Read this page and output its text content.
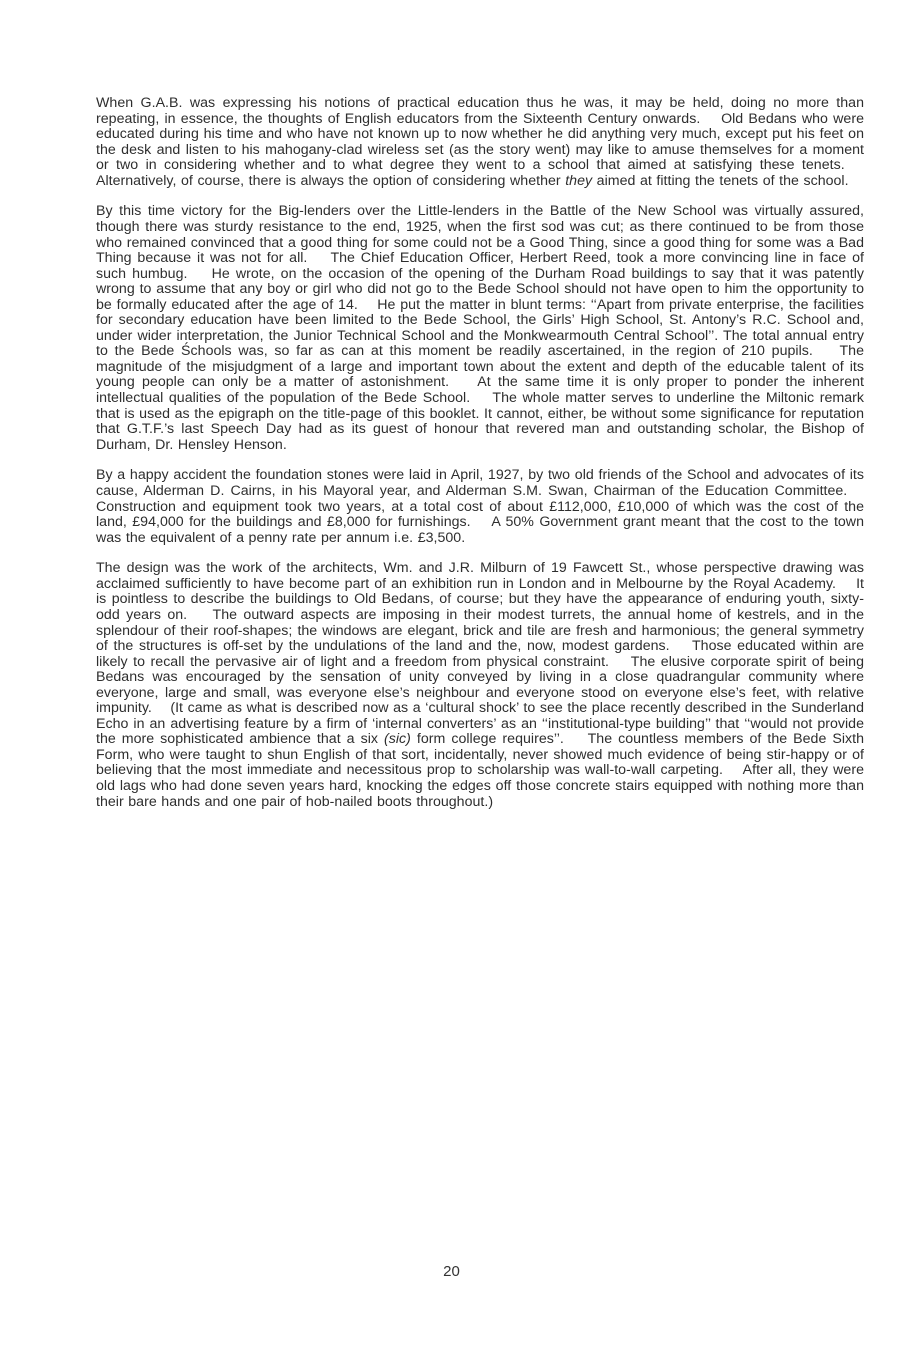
When G.A.B. was expressing his notions of practical education thus he was, it may be held, doing no more than repeating, in essence, the thoughts of English educators from the Sixteenth Century onwards.    Old Bedans who were educated during his time and who have not known up to now whether he did anything very much, except put his feet on the desk and listen to his mahogany-clad wireless set (as the story went) may like to amuse themselves for a moment or two in considering whether and to what degree they went to a school that aimed at satisfying these tenets.    Alternatively, of course, there is always the option of considering whether they aimed at fitting the tenets of the school.

By this time victory for the Big-lenders over the Little-lenders in the Battle of the New School was virtually assured, though there was sturdy resistance to the end, 1925, when the first sod was cut; as there continued to be from those who remained convinced that a good thing for some could not be a Good Thing, since a good thing for some was a Bad Thing because it was not for all.    The Chief Education Officer, Herbert Reed, took a more convincing line in face of such humbug.    He wrote, on the occasion of the opening of the Durham Road buildings to say that it was patently wrong to assume that any boy or girl who did not go to the Bede School should not have open to him the opportunity to be formally educated after the age of 14.    He put the matter in blunt terms: ‘‘Apart from private enterprise, the facilities for secondary education have been limited to the Bede School, the Girls’ High School, St. Antony’s R.C. School and, under wider interpretation, the Junior Technical School and the Monkwearmouth Central School’’. The total annual entry to the Bede Śchools was, so far as can at this moment be readily ascertained, in the region of 210 pupils.    The magnitude of the misjudgment of a large and important town about the extent and depth of the educable talent of its young people can only be a matter of astonishment.    At the same time it is only proper to ponder the inherent intellectual qualities of the population of the Bede School.    The whole matter serves to underline the Miltonic remark that is used as the epigraph on the title-page of this booklet. It cannot, either, be without some significance for reputation that G.T.F.’s last Speech Day had as its guest of honour that revered man and outstanding scholar, the Bishop of Durham, Dr. Hensley Henson.

By a happy accident the foundation stones were laid in April, 1927, by two old friends of the School and advocates of its cause, Alderman D. Cairns, in his Mayoral year, and Alderman S.M. Swan, Chairman of the Education Committee.    Construction and equipment took two years, at a total cost of about £112,000, £10,000 of which was the cost of the land, £94,000 for the buildings and £8,000 for furnishings.    A 50% Government grant meant that the cost to the town was the equivalent of a penny rate per annum i.e. £3,500.

The design was the work of the architects, Wm. and J.R. Milburn of 19 Fawcett St., whose perspective drawing was acclaimed sufficiently to have become part of an exhibition run in London and in Melbourne by the Royal Academy.    It is pointless to describe the buildings to Old Bedans, of course; but they have the appearance of enduring youth, sixty-odd years on.    The outward aspects are imposing in their modest turrets, the annual home of kestrels, and in the splendour of their roof-shapes; the windows are elegant, brick and tile are fresh and harmonious; the general symmetry of the structures is off-set by the undulations of the land and the, now, modest gardens.    Those educated within are likely to recall the pervasive air of light and a freedom from physical constraint.    The elusive corporate spirit of being Bedans was encouraged by the sensation of unity conveyed by living in a close quadrangular community where everyone, large and small, was everyone else’s neighbour and everyone stood on everyone else’s feet, with relative impunity.    (It came as what is described now as a ‘cultural shock’ to see the place recently described in the Sunderland Echo in an advertising feature by a firm of ‘internal converters’ as an ‘‘institutional-type building’’ that ‘‘would not provide the more sophisticated ambience that a six (sic) form college requires’’.    The countless members of the Bede Sixth Form, who were taught to shun English of that sort, incidentally, never showed much evidence of being stir-happy or of believing that the most immediate and necessitous prop to scholarship was wall-to-wall carpeting.    After all, they were old lags who had done seven years hard, knocking the edges off those concrete stairs equipped with nothing more than their bare hands and one pair of hob-nailed boots throughout.)

20
